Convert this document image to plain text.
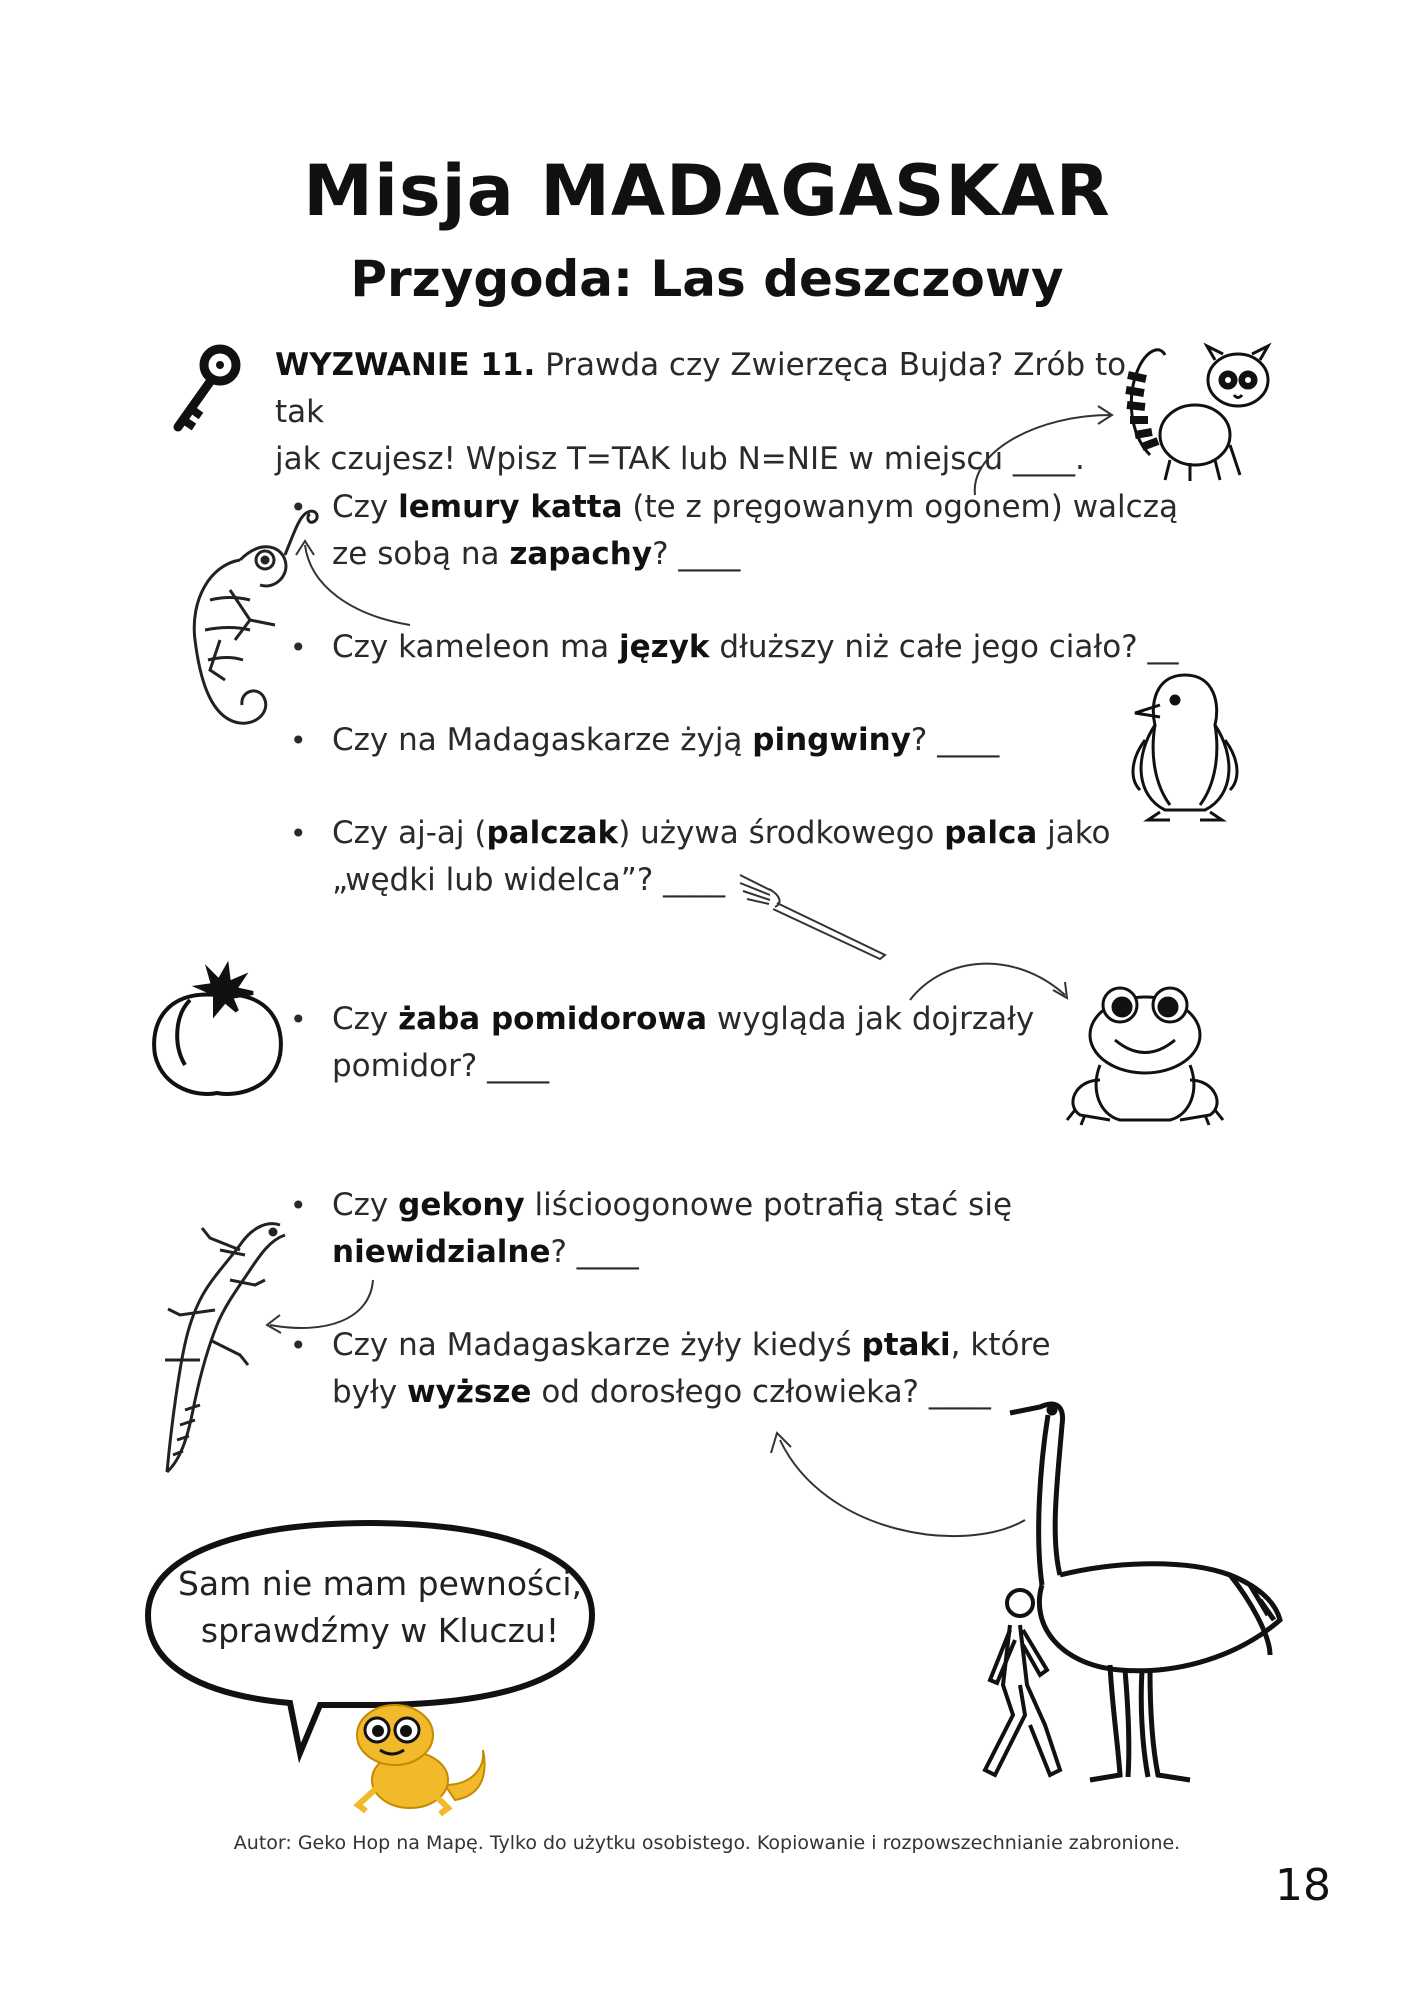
Misja MADAGASKAR
Przygoda: Las deszczowy
WYZWANIE 11. Prawda czy Zwierzęca Bujda? Zrób to tak
jak czujesz! Wpisz T=TAK lub N=NIE w miejscu ____.
• Czy lemury katta (te z pręgowanym ogonem) walczą
ze sobą na zapachy? ____
• Czy kameleon ma język dłuższy niż całe jego ciało? __
• Czy na Madagaskarze żyją pingwiny? ____
• Czy aj-aj (palczak) używa środkowego palca jako
„wędki lub widelca”? ____
• Czy żaba pomidorowa wygląda jak dojrzały
pomidor? ____
• Czy gekony liścioogonowe potrafią stać się
niewidzialne? ____
• Czy na Madagaskarze żyły kiedyś ptaki, które
były wyższe od dorosłego człowieka? ____
Sam nie mam pewności,
sprawdźmy w Kluczu!
Autor: Geko Hop na Mapę. Tylko do użytku osobistego. Kopiowanie i rozpowszechnianie zabronione.
18
